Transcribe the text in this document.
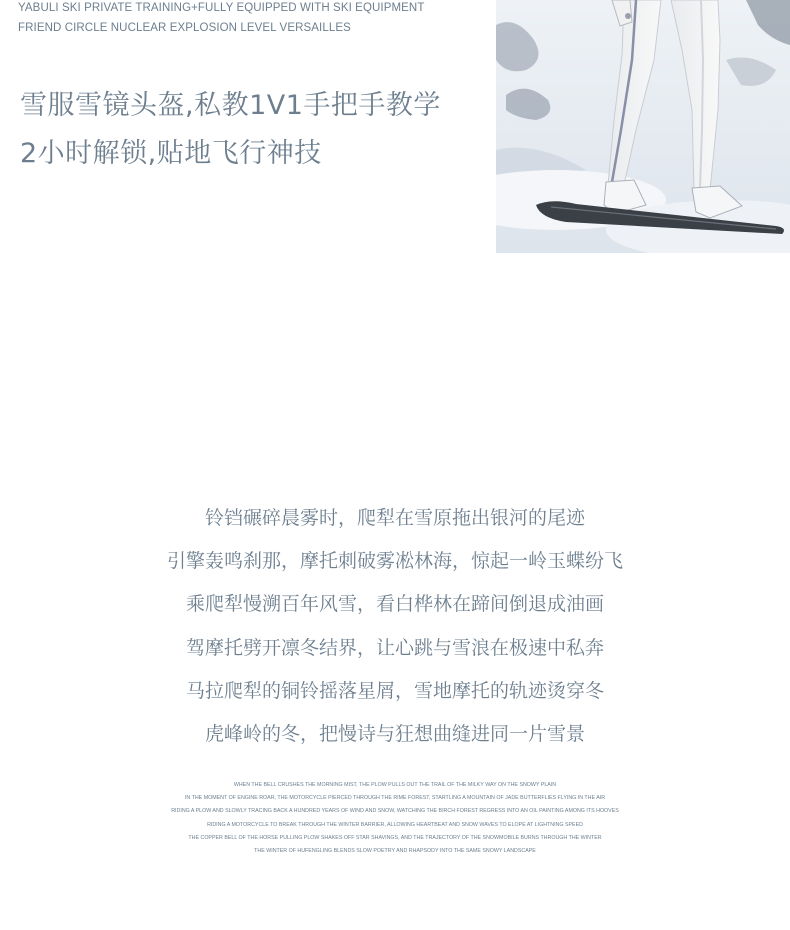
YABULI SKI PRIVATE TRAINING+FULLY EQUIPPED WITH SKI EQUIPMENT
FRIEND CIRCLE NUCLEAR EXPLOSION LEVEL VERSAILLES
雪服雪镜头盔,私教1V1手把手教学
2小时解锁,贴地飞行神技
铃铛碾碎晨雾时，爬犁在雪原拖出银河的尾迹
引擎轰鸣刹那，摩托刺破雾凇林海，惊起一岭玉蝶纷飞
乘爬犁慢溯百年风雪，看白桦林在蹄间倒退成油画
驾摩托劈开凛冬结界，让心跳与雪浪在极速中私奔
马拉爬犁的铜铃摇落星屑，雪地摩托的轨迹烫穿冬
虎峰岭的冬，把慢诗与狂想曲缝进同一片雪景
WHEN THE BELL CRUSHES THE MORNING MIST, THE PLOW PULLS OUT THE TRAIL OF THE MILKY WAY ON THE SNOWY PLAIN
IN THE MOMENT OF ENGINE ROAR, THE MOTORCYCLE PIERCED THROUGH THE RIME FOREST, STARTLING A MOUNTAIN OF JADE BUTTERFLIES FLYING IN THE AIR
RIDING A PLOW AND SLOWLY TRACING BACK A HUNDRED YEARS OF WIND AND SNOW, WATCHING THE BIRCH FOREST REGRESS INTO AN OIL PAINTING AMONG ITS HOOVES
RIDING A MOTORCYCLE TO BREAK THROUGH THE WINTER BARRIER, ALLOWING HEARTBEAT AND SNOW WAVES TO ELOPE AT LIGHTNING SPEED
THE COPPER BELL OF THE HORSE PULLING PLOW SHAKES OFF STAR SHAVINGS, AND THE TRAJECTORY OF THE SNOWMOBILE BURNS THROUGH THE WINTER
THE WINTER OF HUFENGLING BLENDS SLOW POETRY AND RHAPSODY INTO THE SAME SNOWY LANDSCAPE
